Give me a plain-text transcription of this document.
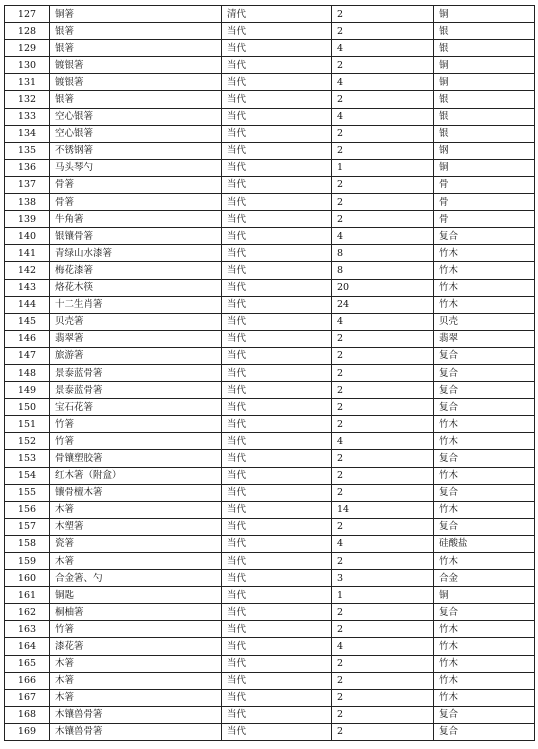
127	铜箸	清代	2	铜
128	银箸	当代	2	银
129	银箸	当代	4	银
130	镀银箸	当代	2	铜
131	镀银箸	当代	4	铜
132	银箸	当代	2	银
133	空心银箸	当代	4	银
134	空心银箸	当代	2	银
135	不锈钢箸	当代	2	钢
136	马头琴勺	当代	1	铜
137	骨箸	当代	2	骨
138	骨箸	当代	2	骨
139	牛角箸	当代	2	骨
140	银镶骨箸	当代	4	复合
141	青绿山水漆箸	当代	8	竹木
142	梅花漆箸	当代	8	竹木
143	烙花木筷	当代	20	竹木
144	十二生肖箸	当代	24	竹木
145	贝壳箸	当代	4	贝壳
146	翡翠箸	当代	2	翡翠
147	旅游箸	当代	2	复合
148	景泰蓝骨箸	当代	2	复合
149	景泰蓝骨箸	当代	2	复合
150	宝石花箸	当代	2	复合
151	竹箸	当代	2	竹木
152	竹箸	当代	4	竹木
153	骨镶塑胶箸	当代	2	复合
154	红木箸（附盒）	当代	2	竹木
155	镶骨檀木箸	当代	2	复合
156	木箸	当代	14	竹木
157	木塑箸	当代	2	复合
158	瓷箸	当代	4	硅酸盐
159	木箸	当代	2	竹木
160	合金箸、勺	当代	3	合金
161	铜匙	当代	1	铜
162	桐柚箸	当代	2	复合
163	竹箸	当代	2	竹木
164	漆花箸	当代	4	竹木
165	木箸	当代	2	竹木
166	木箸	当代	2	竹木
167	木箸	当代	2	竹木
168	木镶兽骨箸	当代	2	复合
169	木镶兽骨箸	当代	2	复合
